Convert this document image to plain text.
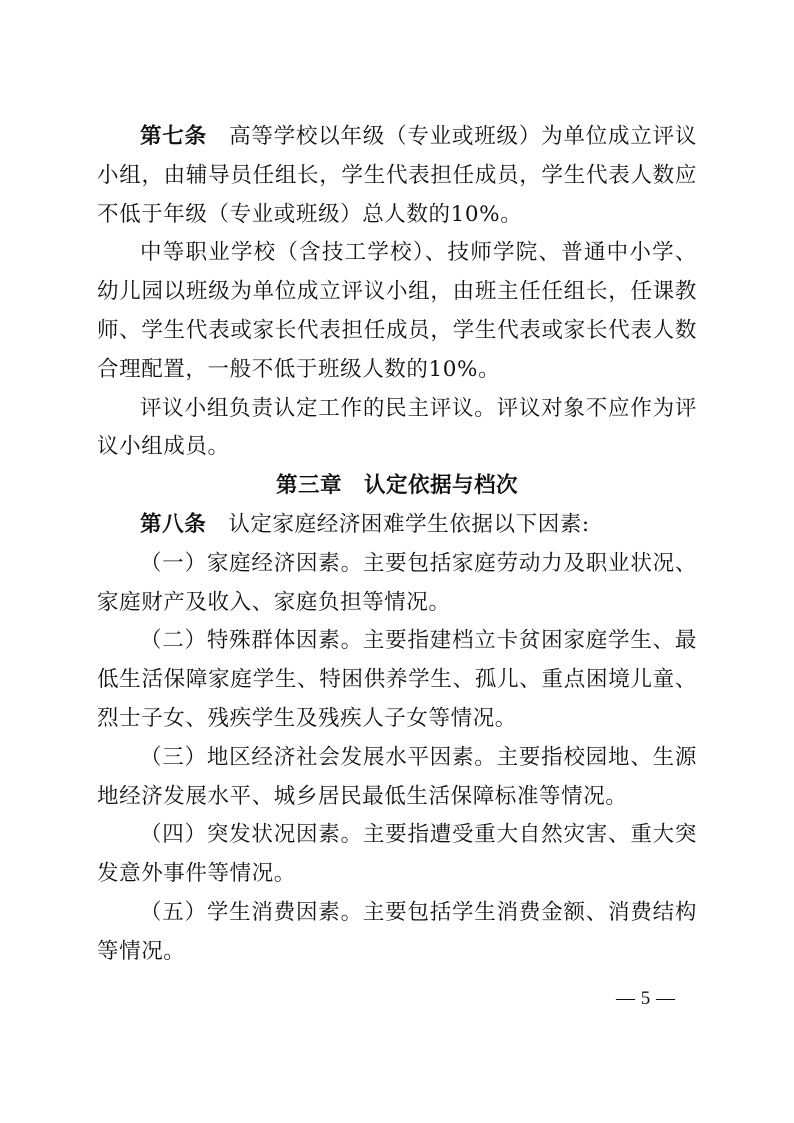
第七条 高等学校以年级（专业或班级）为单位成立评议小组，由辅导员任组长，学生代表担任成员，学生代表人数应不低于年级（专业或班级）总人数的10%。

中等职业学校（含技工学校）、技师学院、普通中小学、幼儿园以班级为单位成立评议小组，由班主任任组长，任课教师、学生代表或家长代表担任成员，学生代表或家长代表人数合理配置，一般不低于班级人数的10%。

评议小组负责认定工作的民主评议。评议对象不应作为评议小组成员。

第三章　认定依据与档次

第八条 认定家庭经济困难学生依据以下因素:

（一）家庭经济因素。主要包括家庭劳动力及职业状况、家庭财产及收入、家庭负担等情况。

（二）特殊群体因素。主要指建档立卡贫困家庭学生、最低生活保障家庭学生、特困供养学生、孤儿、重点困境儿童、烈士子女、残疾学生及残疾人子女等情况。

（三）地区经济社会发展水平因素。主要指校园地、生源地经济发展水平、城乡居民最低生活保障标准等情况。

（四）突发状况因素。主要指遭受重大自然灾害、重大突发意外事件等情况。

（五）学生消费因素。主要包括学生消费金额、消费结构等情况。

— 5 —
